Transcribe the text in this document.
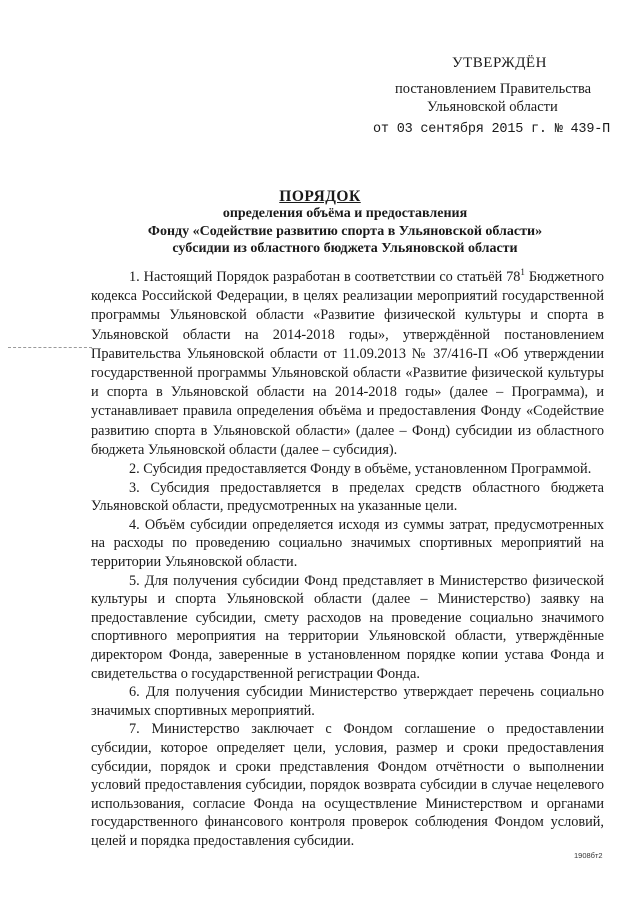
УТВЕРЖДЁН
постановлением Правительства
Ульяновской области
от 03 сентября 2015 г. № 439-П
ПОРЯДОК
определения объёма и предоставления
Фонду «Содействие развитию спорта в Ульяновской области»
субсидии из областного бюджета Ульяновской области

1. Настоящий Порядок разработан в соответствии со статьёй $78^1$ Бюджетного кодекса Российской Федерации, в целях реализации мероприятий государственной программы Ульяновской области «Развитие физической культуры и спорта в Ульяновской области на 2014-2018 годы», утверждённой постановлением Правительства Ульяновской области от 11.09.2013 № 37/416-П «Об утверждении государственной программы Ульяновской области «Развитие физической культуры и спорта в Ульяновской области на 2014-2018 годы» (далее – Программа), и устанавливает правила определения объёма и предоставления Фонду «Содействие развитию спорта в Ульяновской области» (далее – Фонд) субсидии из областного бюджета Ульяновской области (далее – субсидия).

2. Субсидия предоставляется Фонду в объёме, установленном Программой.

3. Субсидия предоставляется в пределах средств областного бюджета Ульяновской области, предусмотренных на указанные цели.

4. Объём субсидии определяется исходя из суммы затрат, предусмотренных на расходы по проведению социально значимых спортивных мероприятий на территории Ульяновской области.

5. Для получения субсидии Фонд представляет в Министерство физической культуры и спорта Ульяновской области (далее – Министерство) заявку на предоставление субсидии, смету расходов на проведение социально значимого спортивного мероприятия на территории Ульяновской области, утверждённые директором Фонда, заверенные в установленном порядке копии устава Фонда и свидетельства о государственной регистрации Фонда.

6. Для получения субсидии Министерство утверждает перечень социально значимых спортивных мероприятий.

7. Министерство заключает с Фондом соглашение о предоставлении субсидии, которое определяет цели, условия, размер и сроки предоставления субсидии, порядок и сроки представления Фондом отчётности о выполнении условий предоставления субсидии, порядок возврата субсидии в случае нецелевого использования, согласие Фонда на осуществление Министерством и органами государственного финансового контроля проверок соблюдения Фондом условий, целей и порядка предоставления субсидии.

1908бт2
